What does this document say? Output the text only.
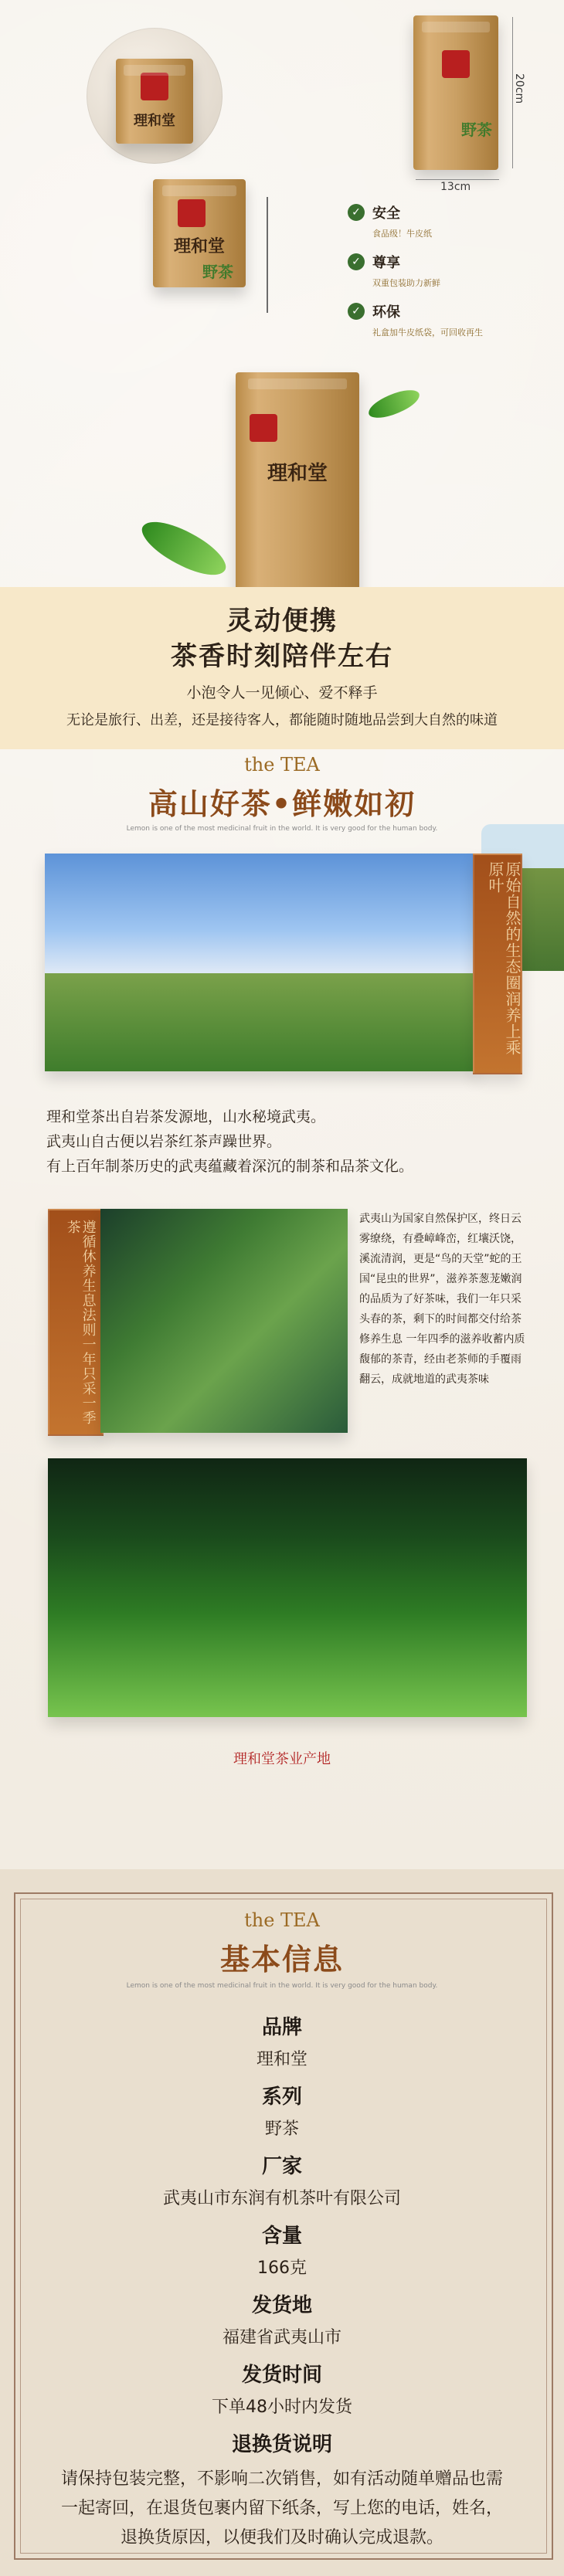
理和堂	野茶
20cm
13cm
理和堂
野茶
✓ 安全
食品级！牛皮纸
✓ 尊享
双重包装助力新鲜
✓ 环保
礼盒加牛皮纸袋，可回收再生
理和堂
灵动便携
茶香时刻陪伴左右
小泡令人一见倾心、爱不释手
无论是旅行、出差，还是接待客人，都能随时随地品尝到大自然的味道
the TEA
高山好茶•鲜嫩如初
Lemon is one of the most medicinal fruit in the world. It is very good for the human body.
原始自然的生态圈润养上乘原叶
理和堂茶出自岩茶发源地，山水秘境武夷。
武夷山自古便以岩茶红茶声躁世界。
有上百年制茶历史的武夷蕴藏着深沉的制茶和品茶文化。
遵循休养生息法则一年只采一季茶
武夷山为国家自然保护区，终日云雾缭绕，有叠嶂峰峦，红壤沃饶，溪流清润，更是“鸟的天堂”蛇的王国“昆虫的世界”，滋养茶葱茏嫩润的品质为了好茶味，我们一年只采头春的茶，剩下的时间都交付给茶修养生息 一年四季的滋养收蓄内质馥郁的茶青，经由老茶师的手覆雨翻云，成就地道的武夷茶味
理和堂茶业产地
the TEA
基本信息
Lemon is one of the most medicinal fruit in the world. It is very good for the human body.
品牌
理和堂
系列
野茶
厂家
武夷山市东润有机茶叶有限公司
含量
166克
发货地
福建省武夷山市
发货时间
下单48小时内发货
退换货说明
请保持包装完整，不影响二次销售，如有活动随单赠品也需一起寄回，在退货包裹内留下纸条，写上您的电话，姓名，退换货原因，以便我们及时确认完成退款。
